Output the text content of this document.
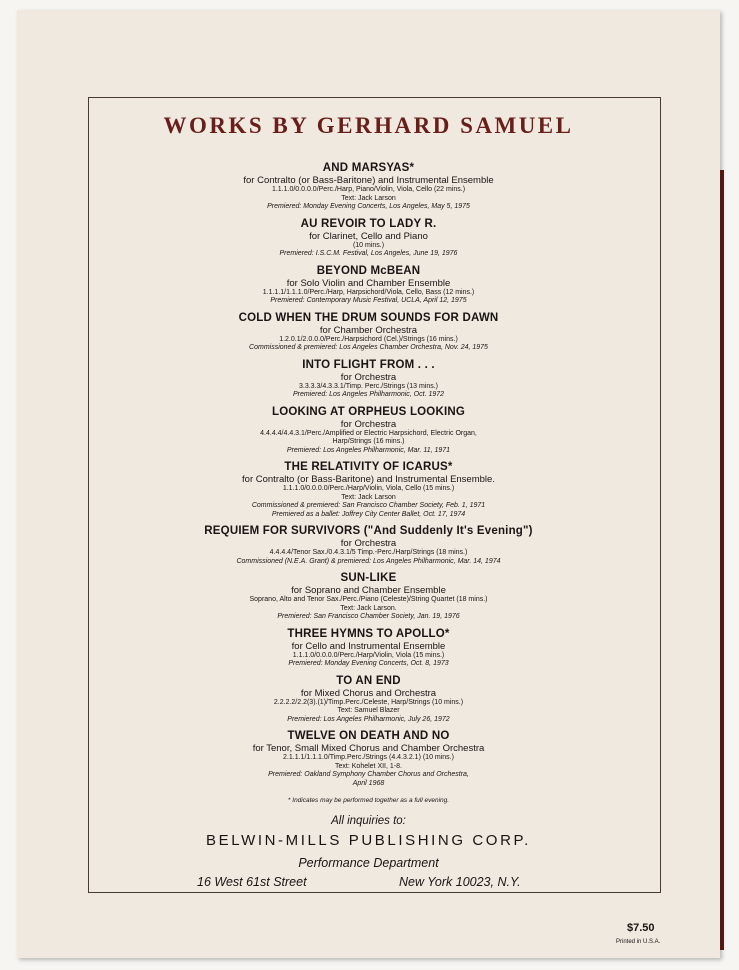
WORKS BY GERHARD SAMUEL
AND MARSYAS*
for Contralto (or Bass-Baritone) and Instrumental Ensemble
1.1.1.0/0.0.0.0/Perc./Harp, Piano/Violin, Viola, Cello (22 mins.)
Text: Jack Larson
Premiered: Monday Evening Concerts, Los Angeles, May 5, 1975
AU REVOIR TO LADY R.
for Clarinet, Cello and Piano
(10 mins.)
Premiered: I.S.C.M. Festival, Los Angeles, June 19, 1976
BEYOND McBEAN
for Solo Violin and Chamber Ensemble
1.1.1.1/1.1.1.0/Perc./Harp, Harpsichord/Viola, Cello, Bass (12 mins.)
Premiered: Contemporary Music Festival, UCLA, April 12, 1975
COLD WHEN THE DRUM SOUNDS FOR DAWN
for Chamber Orchestra
1.2.0.1/2.0.0.0/Perc./Harpsichord (Cel.)/Strings (16 mins.)
Commissioned & premiered: Los Angeles Chamber Orchestra, Nov. 24, 1975
INTO FLIGHT FROM . . .
for Orchestra
3.3.3.3/4.3.3.1/Timp. Perc./Strings (13 mins.)
Premiered: Los Angeles Philharmonic, Oct. 1972
LOOKING AT ORPHEUS LOOKING
for Orchestra
4.4.4.4/4.4.3.1/Perc./Amplified or Electric Harpsichord, Electric Organ,
Harp/Strings (16 mins.)
Premiered: Los Angeles Philharmonic, Mar. 11, 1971
THE RELATIVITY OF ICARUS*
for Contralto (or Bass-Baritone) and Instrumental Ensemble.
1.1.1.0/0.0.0.0/Perc./Harp/Violin, Viola, Cello (15 mins.)
Text: Jack Larson
Commissioned & premiered: San Francisco Chamber Society, Feb. 1, 1971
Premiered as a ballet: Joffrey City Center Ballet, Oct. 17, 1974
REQUIEM FOR SURVIVORS ("And Suddenly It's Evening")
for Orchestra
4.4.4.4/Tenor Sax./0.4.3.1/5 Timp.-Perc./Harp/Strings (18 mins.)
Commissioned (N.E.A. Grant) & premiered: Los Angeles Philharmonic, Mar. 14, 1974
SUN-LIKE
for Soprano and Chamber Ensemble
Soprano, Alto and Tenor Sax./Perc./Piano (Celeste)/String Quartet (18 mins.)
Text: Jack Larson.
Premiered: San Francisco Chamber Society, Jan. 19, 1976
THREE HYMNS TO APOLLO*
for Cello and Instrumental Ensemble
1.1.1.0/0.0.0.0/Perc./Harp/Violin, Viola (15 mins.)
Premiered: Monday Evening Concerts, Oct. 8, 1973
TO AN END
for Mixed Chorus and Orchestra
2.2.2.2/2.2(3).(1)/Timp.Perc./Celeste, Harp/Strings (10 mins.)
Text: Samuel Blazer
Premiered: Los Angeles Philharmonic, July 26, 1972
TWELVE ON DEATH AND NO
for Tenor, Small Mixed Chorus and Chamber Orchestra
2.1.1.1/1.1.1.0/Timp.Perc./Strings (4.4.3.2.1) (10 mins.)
Text: Kohelet XII, 1-8.
Premiered: Oakland Symphony Chamber Chorus and Orchestra,
April 1968
* Indicates may be performed together as a full evening.
All inquiries to:
BELWIN-MILLS PUBLISHING CORP.
Performance Department
16 West 61st Street	New York 10023, N.Y.
$7.50
Printed in U.S.A.
